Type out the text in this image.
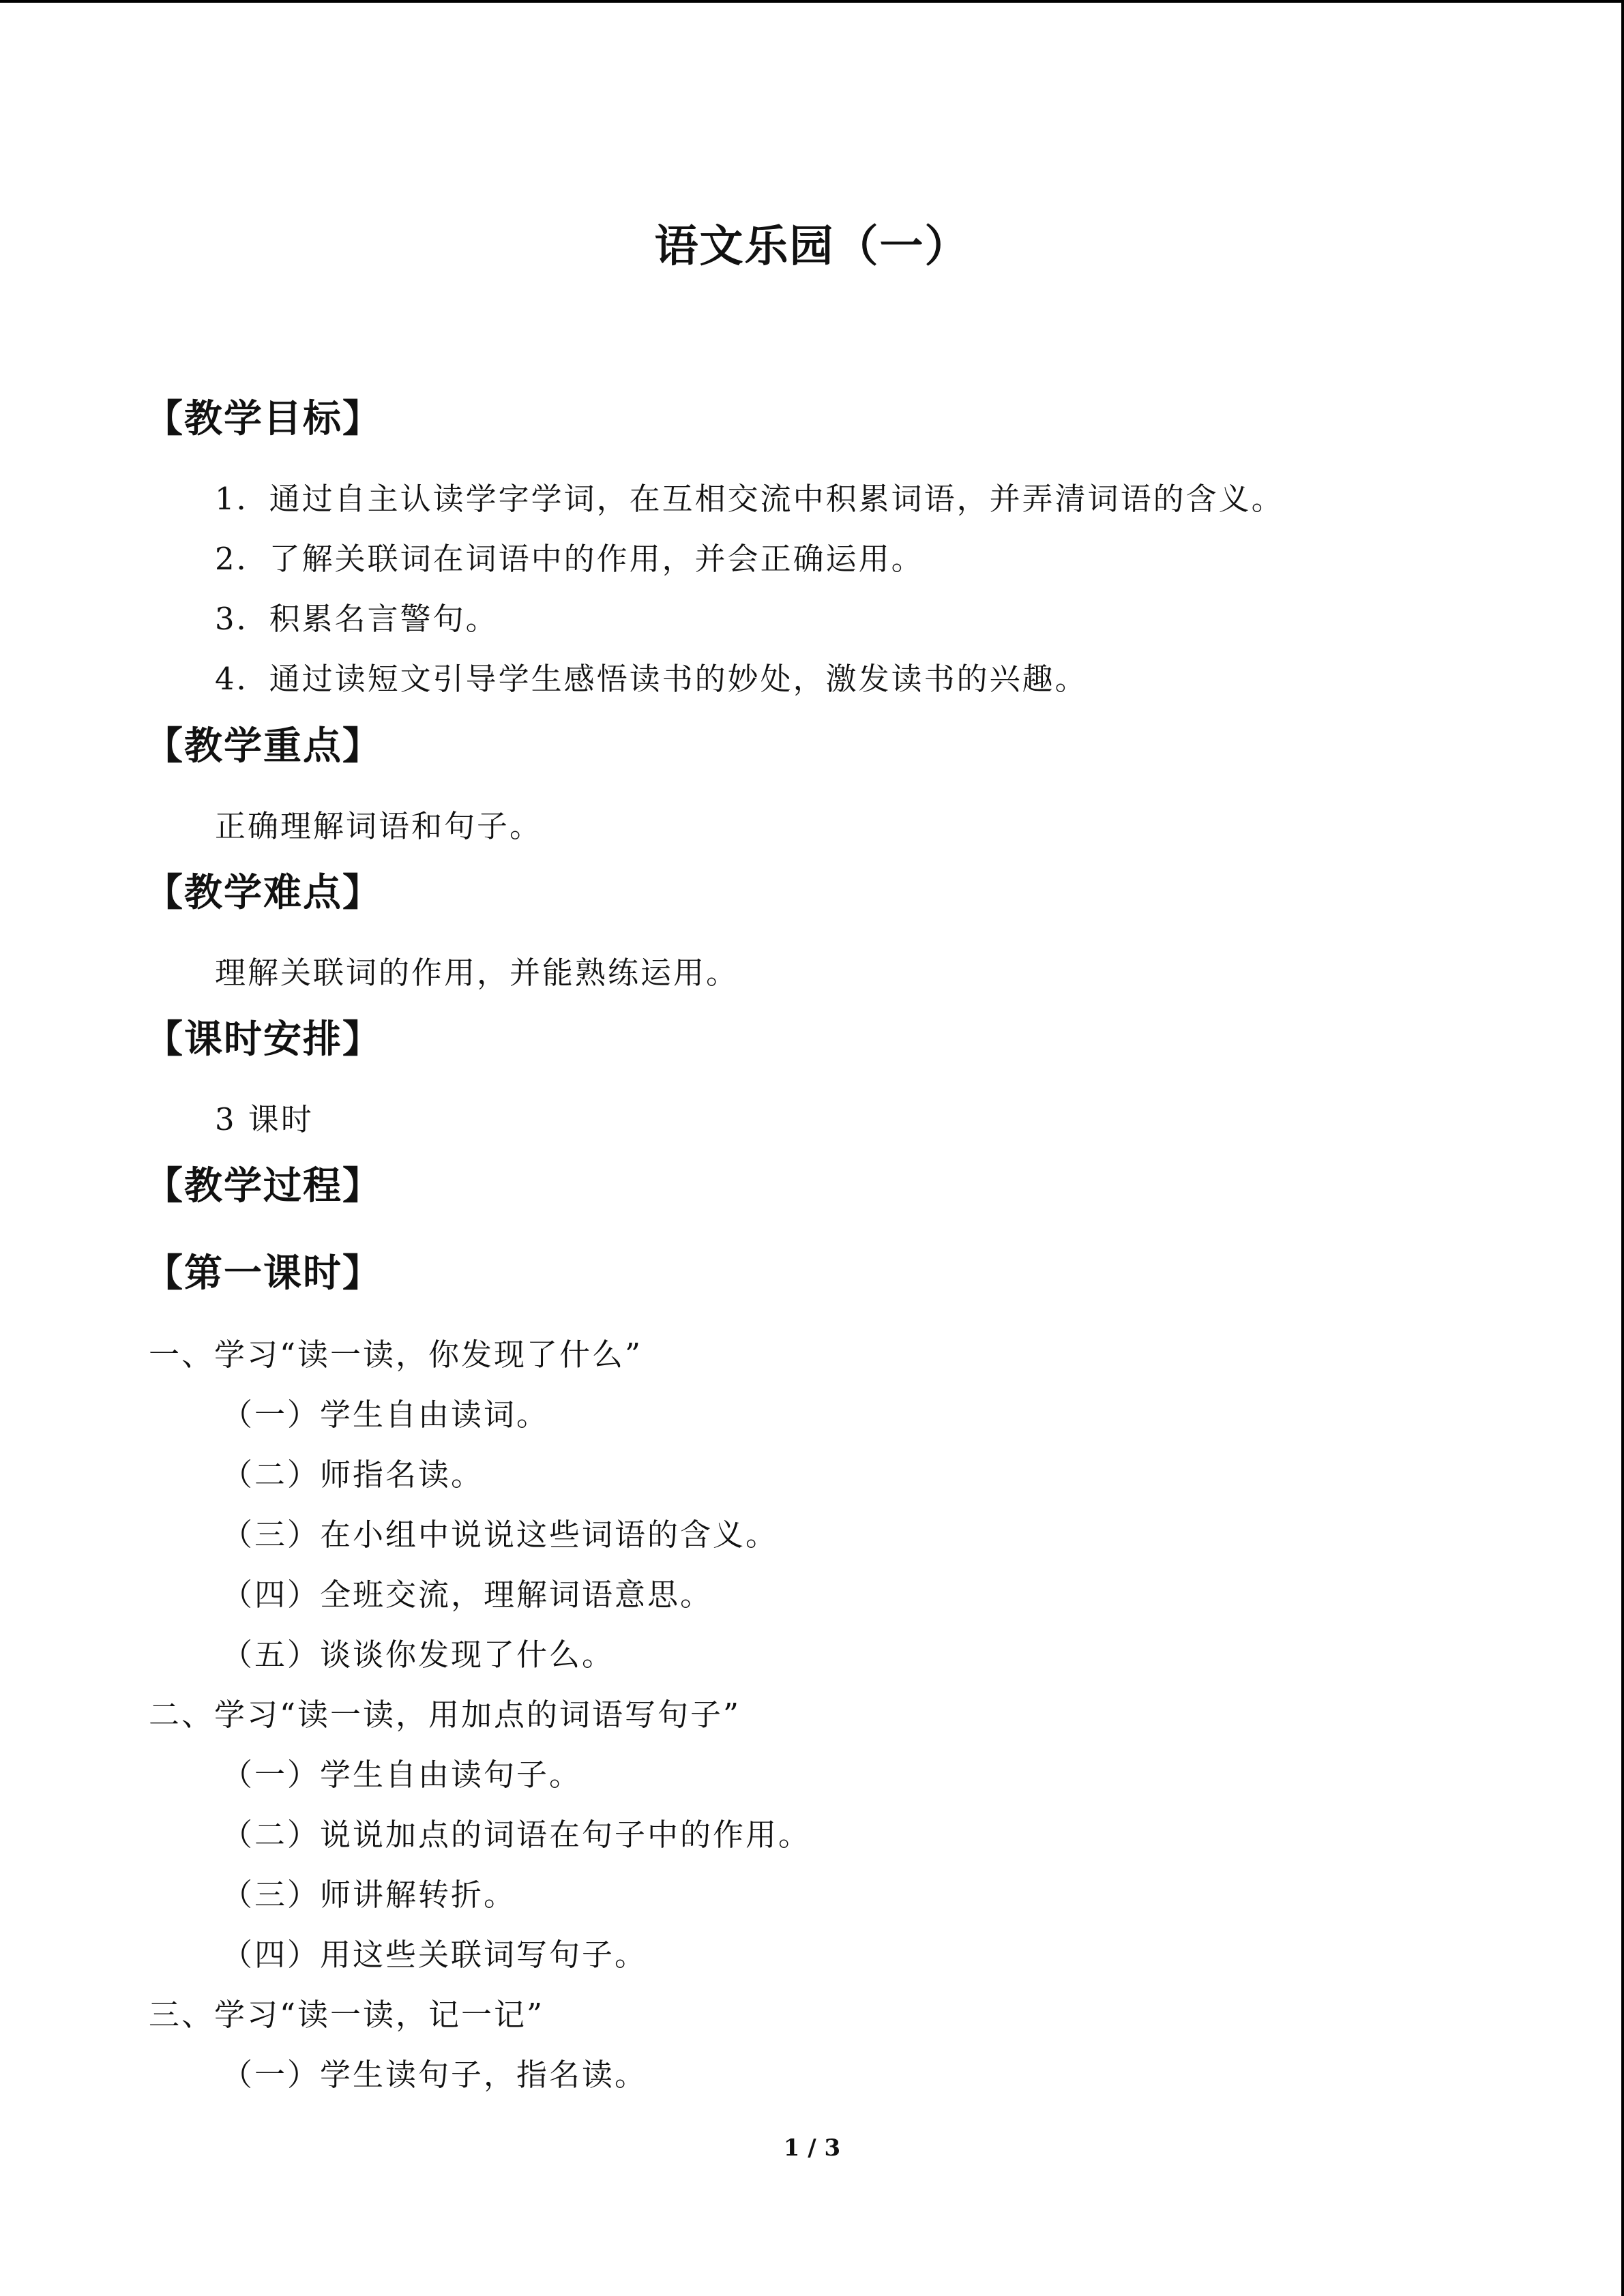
语文乐园（一）
【教学目标】
1．通过自主认读学字学词，在互相交流中积累词语，并弄清词语的含义。
2．了解关联词在词语中的作用，并会正确运用。
3．积累名言警句。
4．通过读短文引导学生感悟读书的妙处，激发读书的兴趣。
【教学重点】
正确理解词语和句子。
【教学难点】
理解关联词的作用，并能熟练运用。
【课时安排】
3 课时
【教学过程】
【第一课时】
一、学习“读一读，你发现了什么”
（一）学生自由读词。
（二）师指名读。
（三）在小组中说说这些词语的含义。
（四）全班交流，理解词语意思。
（五）谈谈你发现了什么。
二、学习“读一读，用加点的词语写句子”
（一）学生自由读句子。
（二）说说加点的词语在句子中的作用。
（三）师讲解转折。
（四）用这些关联词写句子。
三、学习“读一读，记一记”
（一）学生读句子，指名读。
1 / 3
